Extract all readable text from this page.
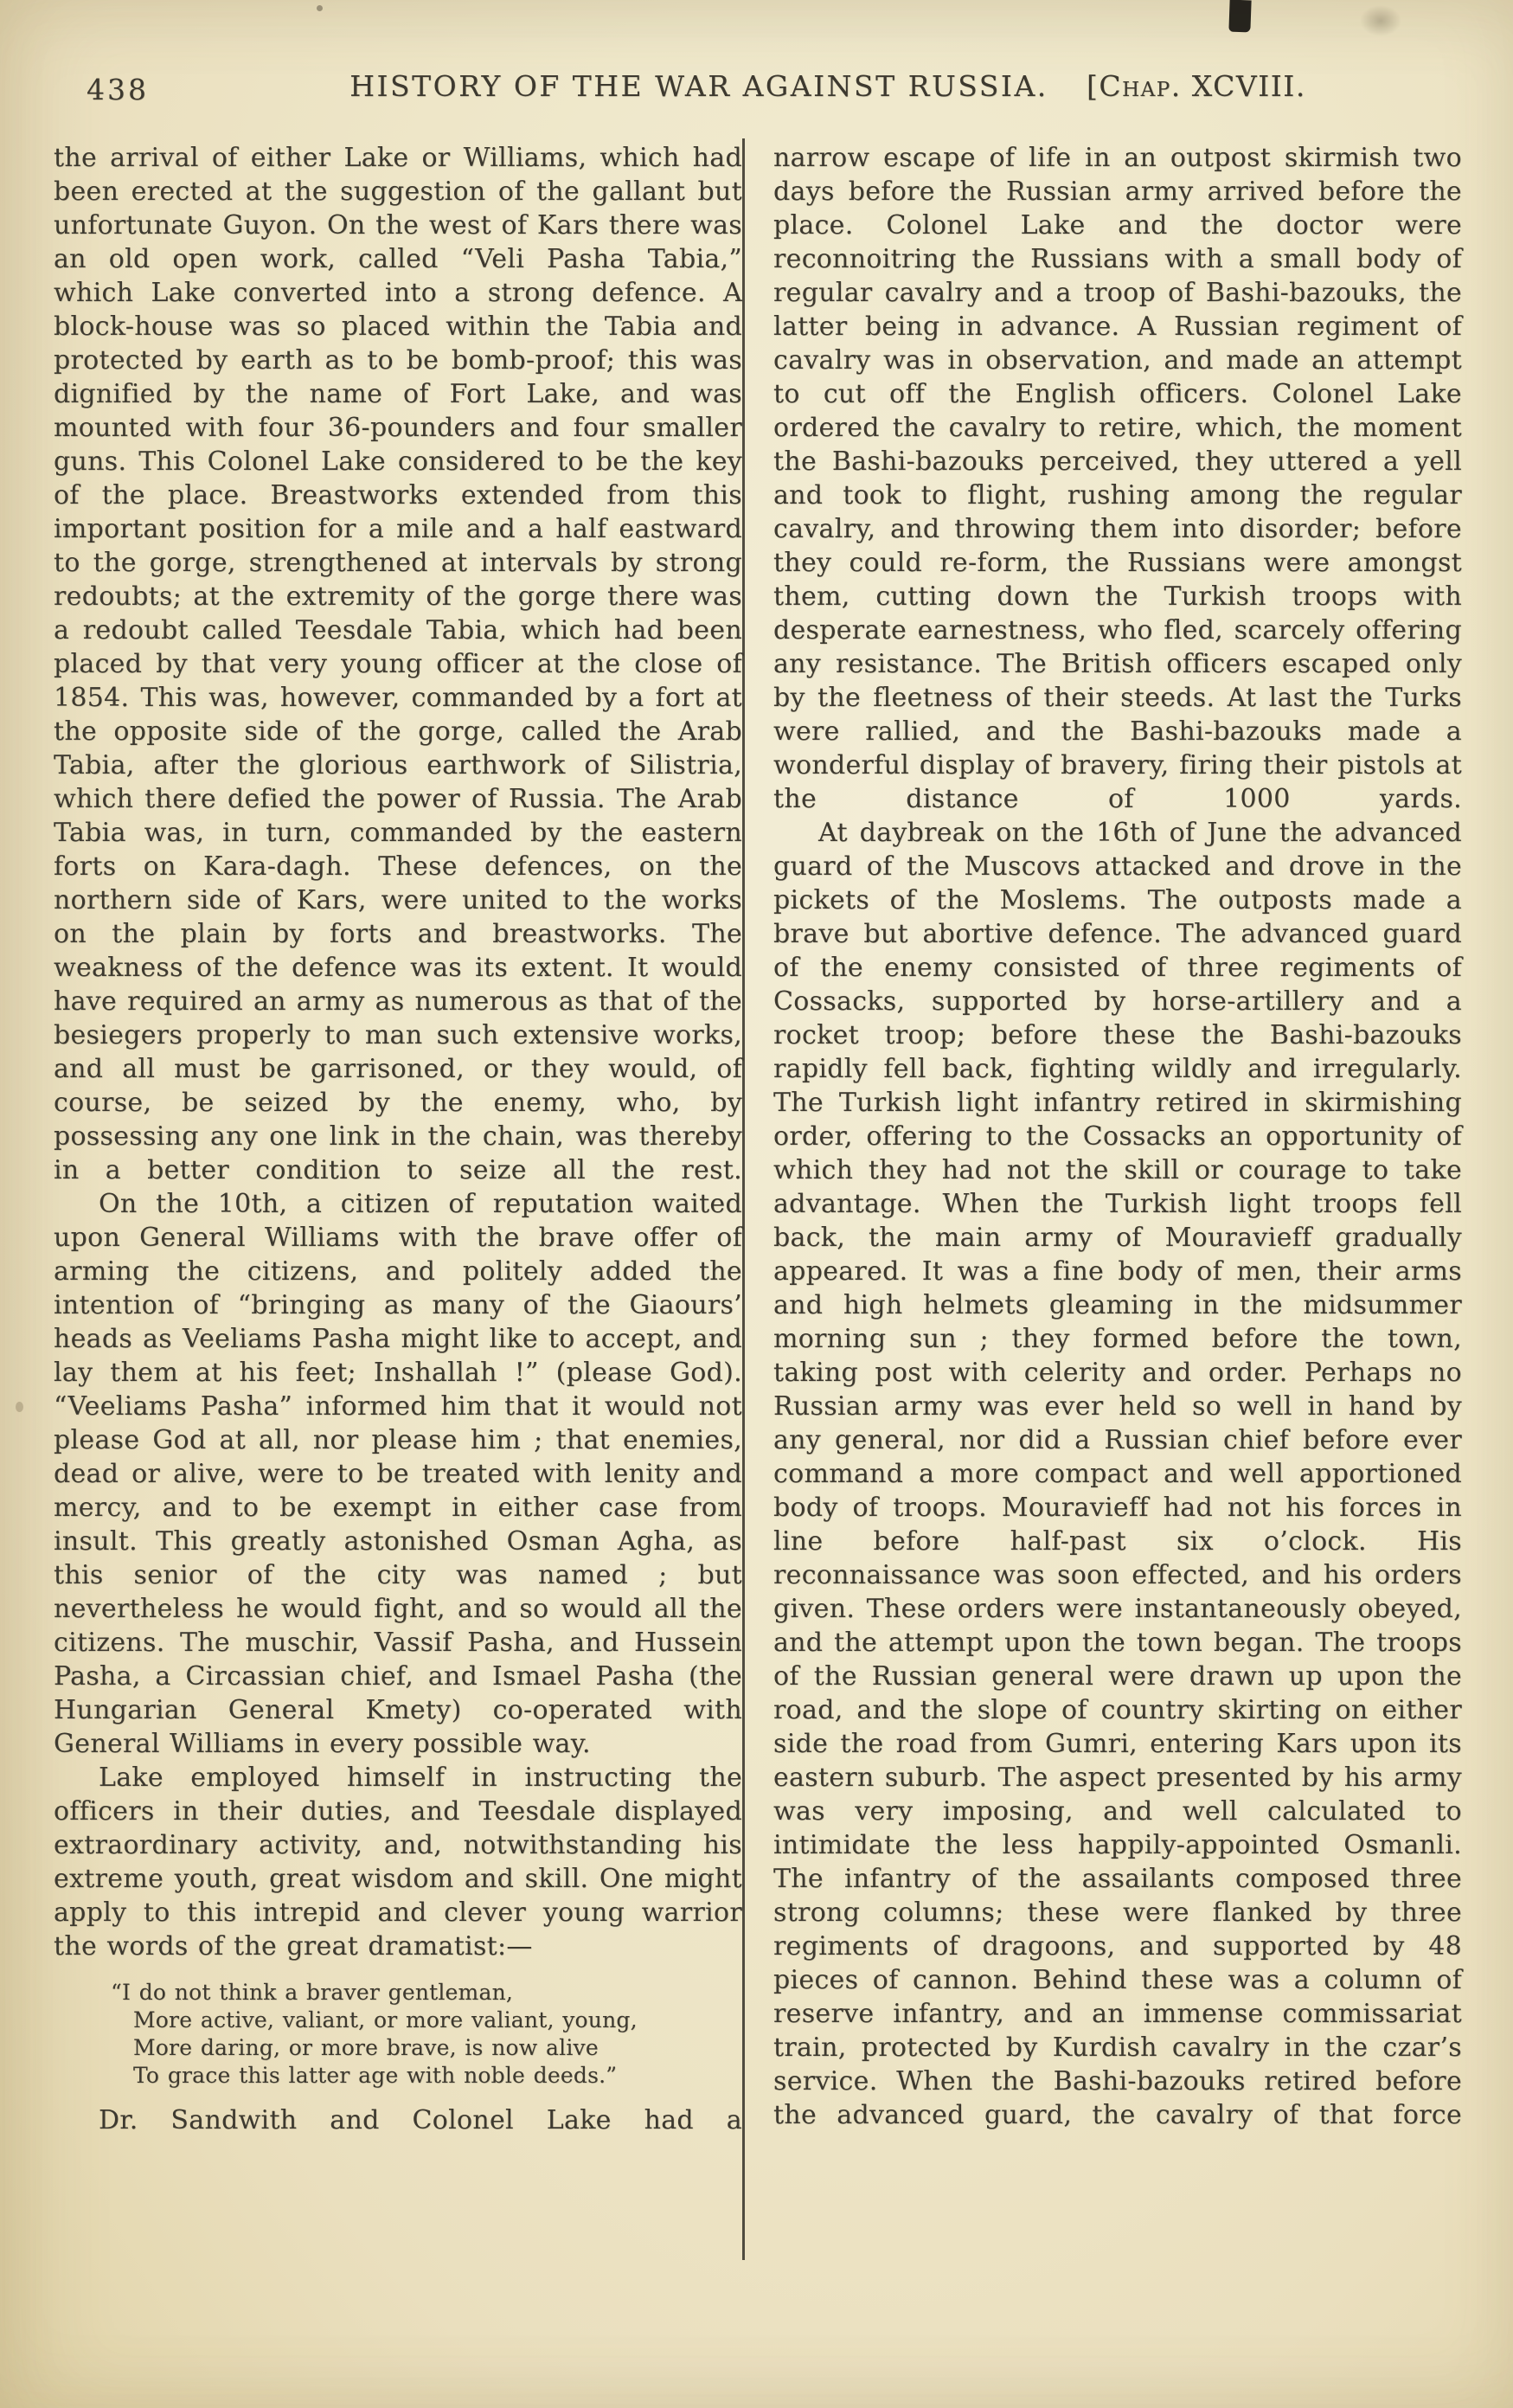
438	HISTORY OF THE WAR AGAINST RUSSIA. [Chap. XCVIII.

the arrival of either Lake or Williams, which had been erected at the suggestion of the gallant but unfortunate Guyon. On the west of Kars there was an old open work, called “Veli Pasha Tabia,” which Lake converted into a strong defence. A block-house was so placed within the Tabia and protected by earth as to be bomb-proof; this was dignified by the name of Fort Lake, and was mounted with four 36-pounders and four smaller guns. This Colonel Lake considered to be the key of the place. Breastworks extended from this important position for a mile and a half eastward to the gorge, strengthened at intervals by strong redoubts; at the extremity of the gorge there was a redoubt called Teesdale Tabia, which had been placed by that very young officer at the close of 1854. This was, however, commanded by a fort at the opposite side of the gorge, called the Arab Tabia, after the glorious earthwork of Silistria, which there defied the power of Russia. The Arab Tabia was, in turn, commanded by the eastern forts on Kara-dagh. These defences, on the northern side of Kars, were united to the works on the plain by forts and breastworks. The weakness of the defence was its extent. It would have required an army as numerous as that of the besiegers properly to man such extensive works, and all must be garrisoned, or they would, of course, be seized by the enemy, who, by possessing any one link in the chain, was thereby in a better condition to seize all the rest.

On the 10th, a citizen of reputation waited upon General Williams with the brave offer of arming the citizens, and politely added the intention of “bringing as many of the Giaours’ heads as Veeliams Pasha might like to accept, and lay them at his feet; Inshallah !” (please God). “Veeliams Pasha” informed him that it would not please God at all, nor please him ; that enemies, dead or alive, were to be treated with lenity and mercy, and to be exempt in either case from insult. This greatly astonished Osman Agha, as this senior of the city was named ; but nevertheless he would fight, and so would all the citizens. The muschir, Vassif Pasha, and Hussein Pasha, a Circassian chief, and Ismael Pasha (the Hungarian General Kmety) co-operated with General Williams in every possible way.

Lake employed himself in instructing the officers in their duties, and Teesdale displayed extraordinary activity, and, notwithstanding his extreme youth, great wisdom and skill. One might apply to this intrepid and clever young warrior the words of the great dramatist:—

“I do not think a braver gentleman,
More active, valiant, or more valiant, young,
More daring, or more brave, is now alive
To grace this latter age with noble deeds.”

Dr. Sandwith and Colonel Lake had a

narrow escape of life in an outpost skirmish two days before the Russian army arrived before the place. Colonel Lake and the doctor were reconnoitring the Russians with a small body of regular cavalry and a troop of Bashi-bazouks, the latter being in advance. A Russian regiment of cavalry was in observation, and made an attempt to cut off the English officers. Colonel Lake ordered the cavalry to retire, which, the moment the Bashi-bazouks perceived, they uttered a yell and took to flight, rushing among the regular cavalry, and throwing them into disorder; before they could re-form, the Russians were amongst them, cutting down the Turkish troops with desperate earnestness, who fled, scarcely offering any resistance. The British officers escaped only by the fleetness of their steeds. At last the Turks were rallied, and the Bashi-bazouks made a wonderful display of bravery, firing their pistols at the distance of 1000 yards.

At daybreak on the 16th of June the advanced guard of the Muscovs attacked and drove in the pickets of the Moslems. The outposts made a brave but abortive defence. The advanced guard of the enemy consisted of three regiments of Cossacks, supported by horse-artillery and a rocket troop; before these the Bashi-bazouks rapidly fell back, fighting wildly and irregularly. The Turkish light infantry retired in skirmishing order, offering to the Cossacks an opportunity of which they had not the skill or courage to take advantage. When the Turkish light troops fell back, the main army of Mouravieff gradually appeared. It was a fine body of men, their arms and high helmets gleaming in the midsummer morning sun ; they formed before the town, taking post with celerity and order. Perhaps no Russian army was ever held so well in hand by any general, nor did a Russian chief before ever command a more compact and well apportioned body of troops. Mouravieff had not his forces in line before half-past six o’clock. His reconnaissance was soon effected, and his orders given. These orders were instantaneously obeyed, and the attempt upon the town began. The troops of the Russian general were drawn up upon the road, and the slope of country skirting on either side the road from Gumri, entering Kars upon its eastern suburb. The aspect presented by his army was very imposing, and well calculated to intimidate the less happily-appointed Osmanli. The infantry of the assailants composed three strong columns; these were flanked by three regiments of dragoons, and supported by 48 pieces of cannon. Behind these was a column of reserve infantry, and an immense commissariat train, protected by Kurdish cavalry in the czar’s service. When the Bashi-bazouks retired before the advanced guard, the cavalry of that force
